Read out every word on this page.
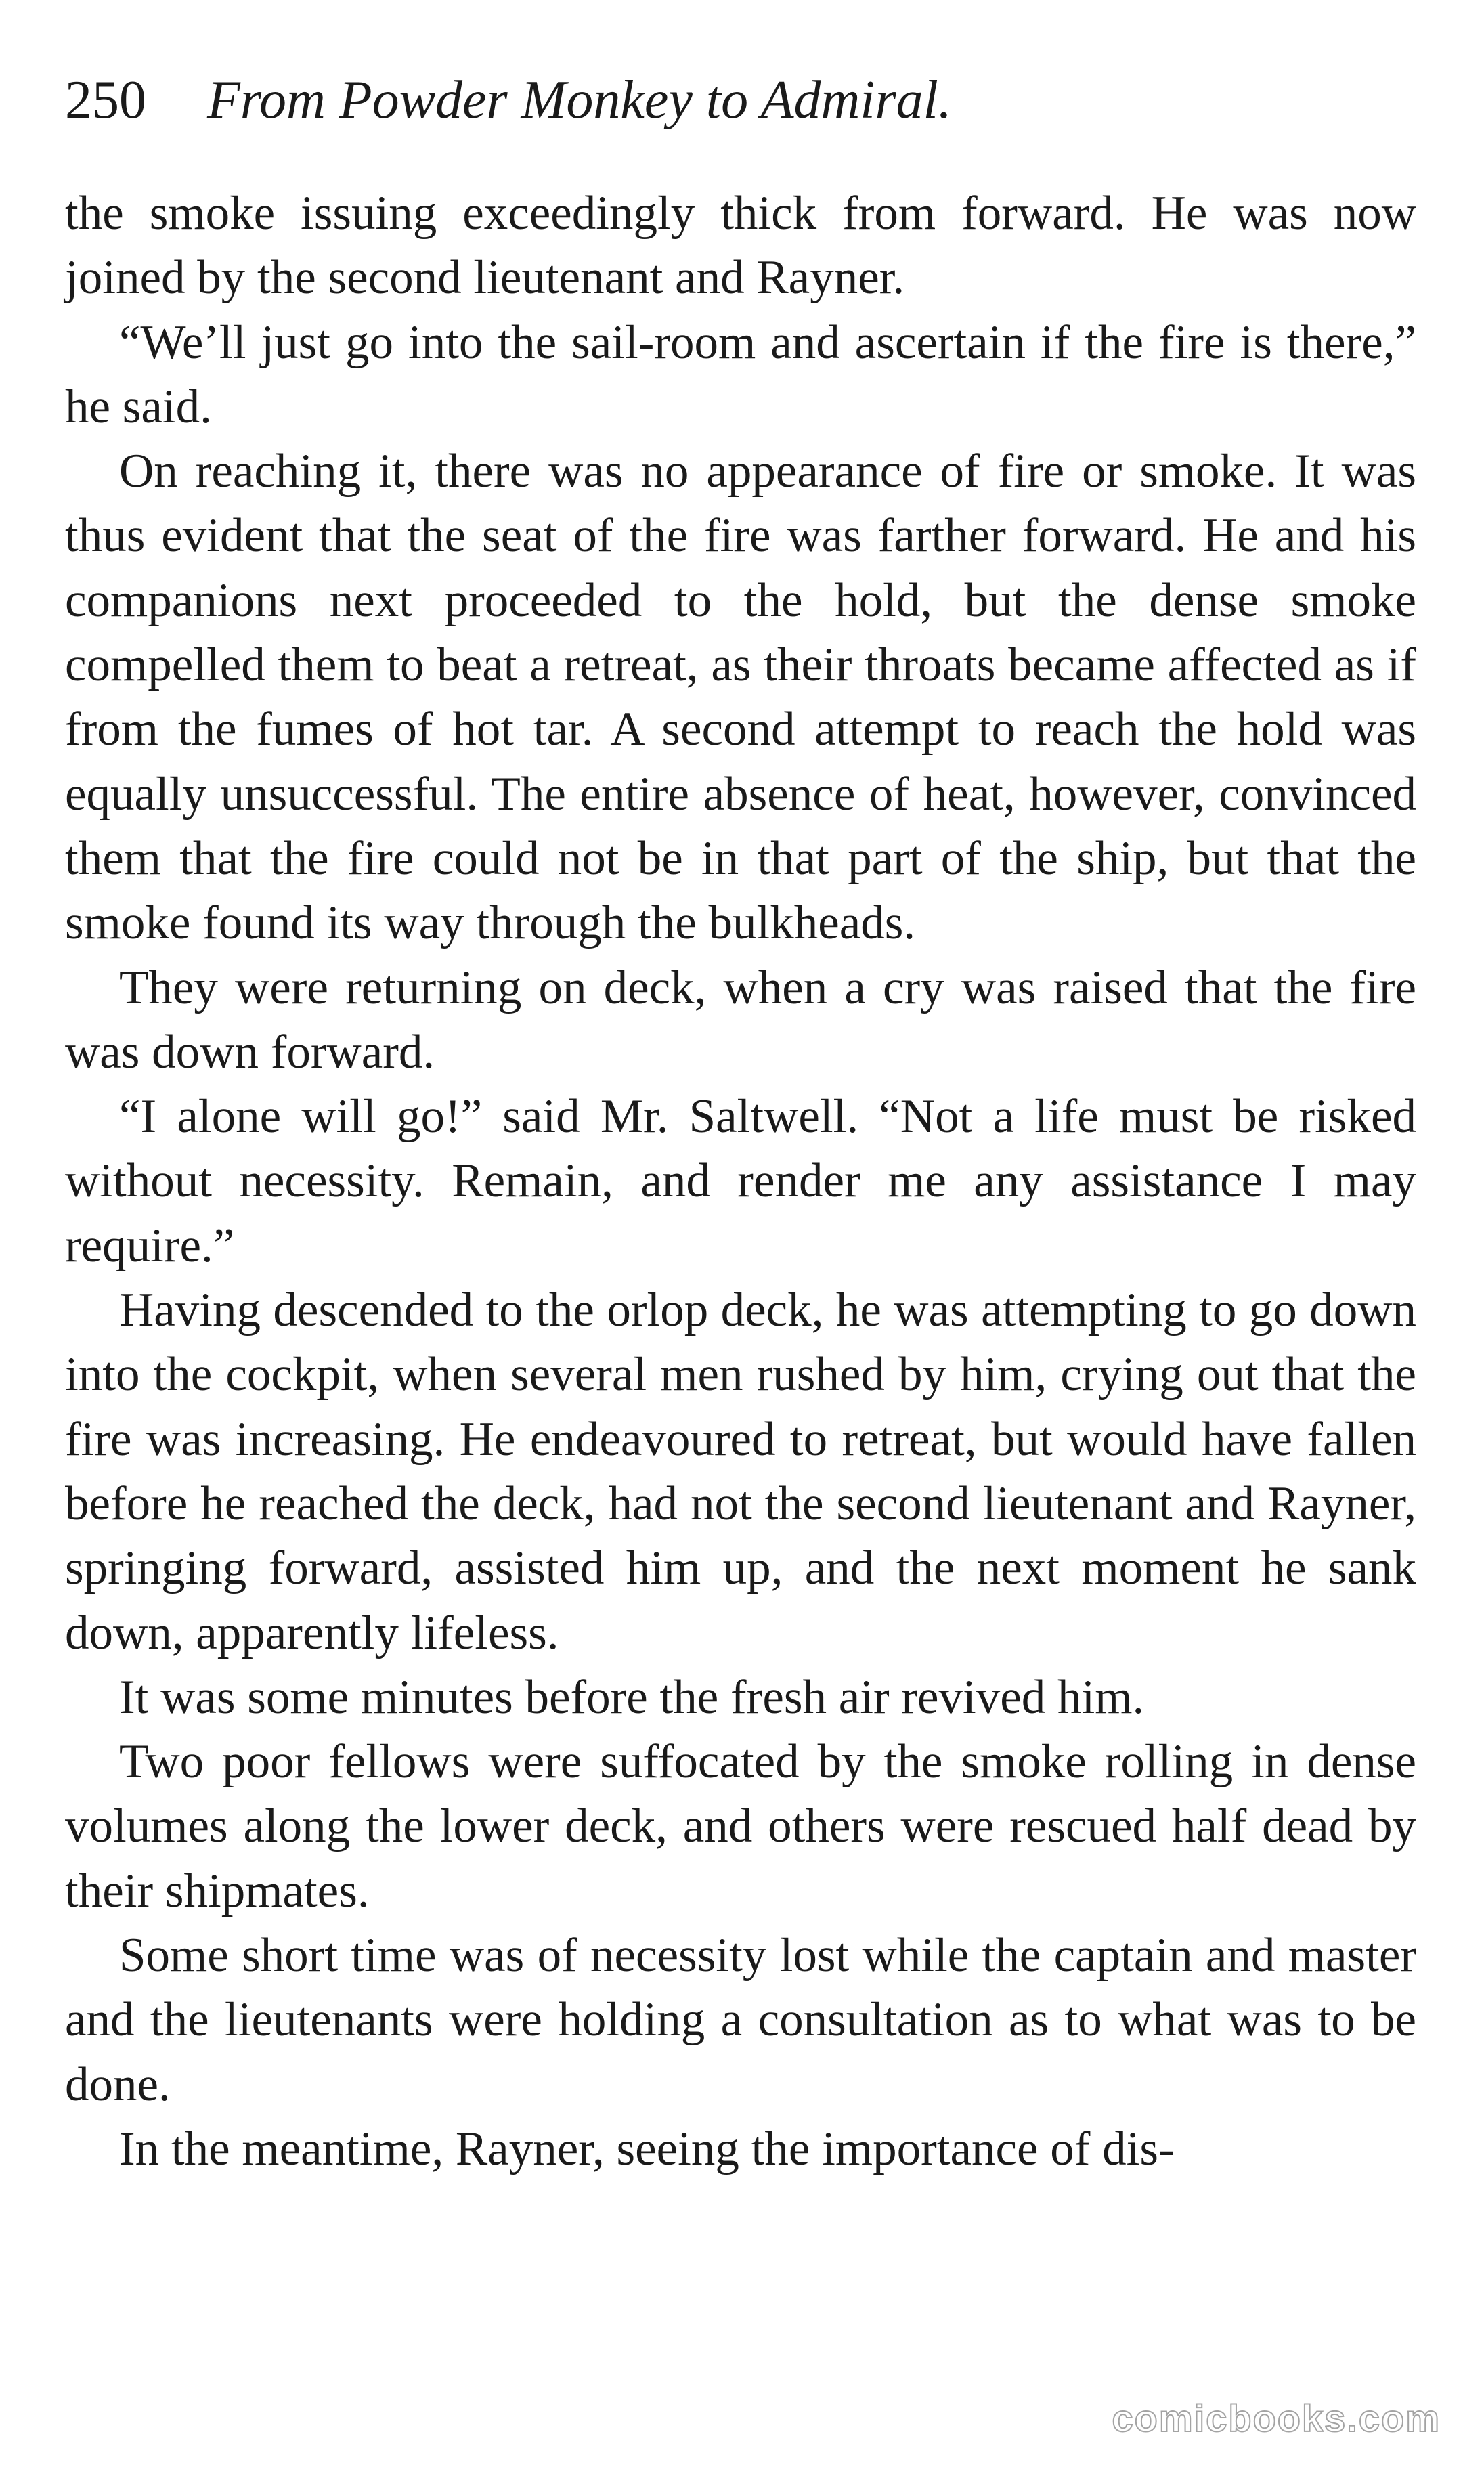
250 From Powder Monkey to Admiral.

the smoke issuing exceedingly thick from forward. He was now joined by the second lieutenant and Rayner.

“We’ll just go into the sail-room and ascertain if the fire is there,” he said.

On reaching it, there was no appearance of fire or smoke. It was thus evident that the seat of the fire was farther forward. He and his companions next proceeded to the hold, but the dense smoke compelled them to beat a retreat, as their throats became affected as if from the fumes of hot tar. A second attempt to reach the hold was equally unsuccessful. The entire absence of heat, however, convinced them that the fire could not be in that part of the ship, but that the smoke found its way through the bulkheads.

They were returning on deck, when a cry was raised that the fire was down forward.

“I alone will go!” said Mr. Saltwell. “Not a life must be risked without necessity. Remain, and render me any assistance I may require.”

Having descended to the orlop deck, he was attempting to go down into the cockpit, when several men rushed by him, crying out that the fire was increasing. He endeavoured to retreat, but would have fallen before he reached the deck, had not the second lieutenant and Rayner, springing forward, assisted him up, and the next moment he sank down, apparently lifeless.

It was some minutes before the fresh air revived him.

Two poor fellows were suffocated by the smoke rolling in dense volumes along the lower deck, and others were rescued half dead by their shipmates.

Some short time was of necessity lost while the captain and master and the lieutenants were holding a consultation as to what was to be done.

In the meantime, Rayner, seeing the importance of dis-

comicbooks.com
